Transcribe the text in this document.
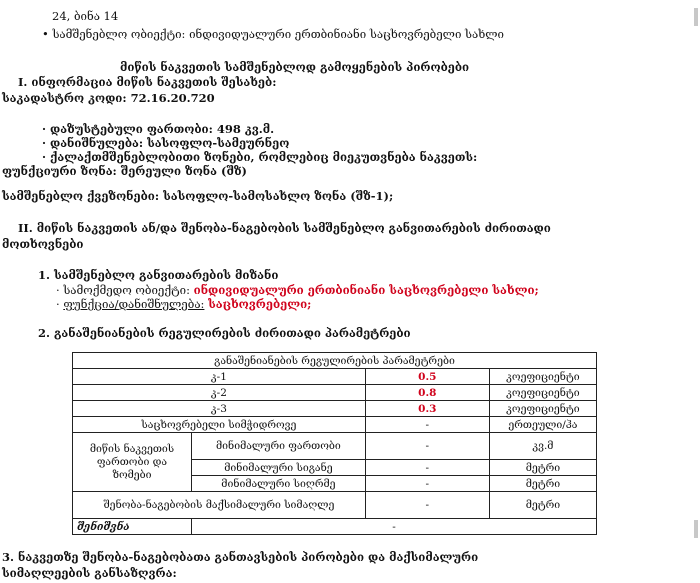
24, ბინა 14
• სამშენებლო ობიექტი: ინდივიდუალური ერთბინიანი საცხოვრებელი სახლი
მიწის ნაკვეთის სამშენებლოდ გამოყენების პირობები
I. ინფორმაცია მიწის ნაკვეთის შესახებ:
საკადასტრო კოდი: 72.16.20.720
· დაზუსტებული ფართობი: 498 კვ.მ.
· დანიშნულება: სასოფლო-სამეურნეო
· ქალაქთმშენებლობითი ზონები, რომლებიც მიეკუთვნება ნაკვეთს:
ფუნქციური ზონა: შერეული ზონა (შზ)
სამშენებლო ქვეზონები: სასოფლო-სამოსახლო ზონა (შზ-1);
II. მიწის ნაკვეთის ან/და შენობა-ნაგებობის სამშენებლო განვითარების ძირითადი
მოთხოვნები
1. სამშენებლო განვითარების მიზანი
· სამოქმედო ობიექტი: ინდივიდუალური ერთბინიანი საცხოვრებელი სახლი;
· ფუნქცია/დანიშნულება: საცხოვრებელი;
2. განაშენიანების რეგულირების ძირითადი პარამეტრები
განაშენიანების რეგულირების პარამეტრები			
კ-1		0.5	კოეფიციენტი
კ-2		0.8	კოეფიციენტი
კ-3		0.3	კოეფიციენტი
საცხოვრებელი სიმჭიდროვე		-	ერთეული/ჰა
მიწის ნაკვეთის ფართობი და ზომები	მინიმალური ფართობი	-	კვ.მ
	მინიმალური სიგანე	-	მეტრი
	მინიმალური სიღრმე	-	მეტრი
შენობა-ნაგებობის მაქსიმალური სიმაღლე		-	მეტრი
შენიშვნა	-		
3. ნაკვეთზე შენობა-ნაგებობათა განთავსების პირობები და მაქსიმალური
სიმაღლეების განსაზღვრა:
